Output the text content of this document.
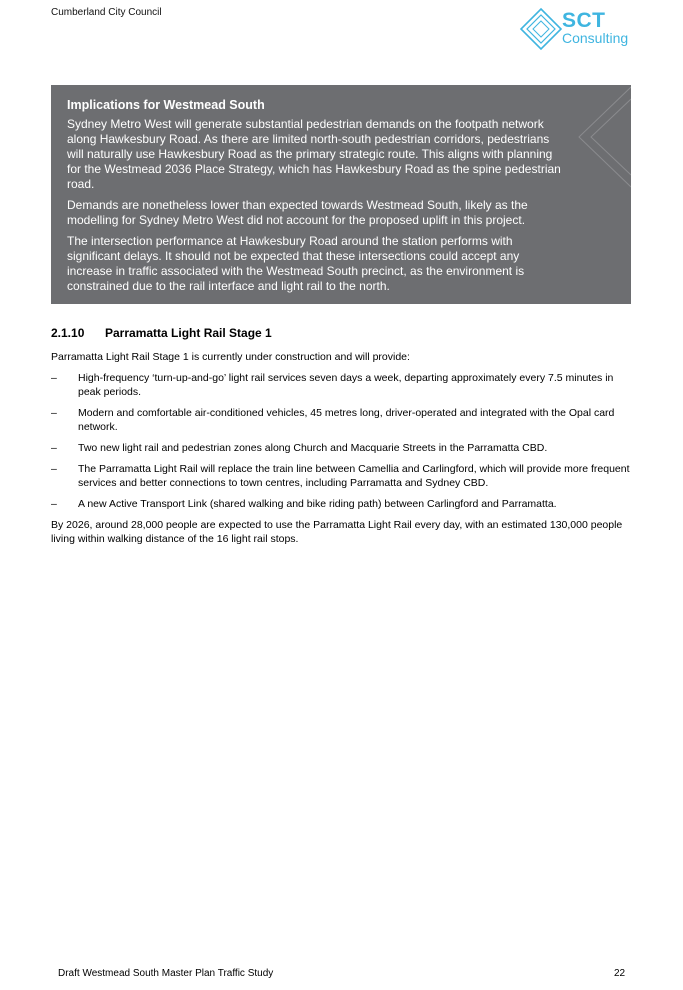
Cumberland City Council	SCT
Consulting
Implications for Westmead South

Sydney Metro West will generate substantial pedestrian demands on the footpath network along Hawkesbury Road. As there are limited north-south pedestrian corridors, pedestrians will naturally use Hawkesbury Road as the primary strategic route. This aligns with planning for the Westmead 2036 Place Strategy, which has Hawkesbury Road as the spine pedestrian road.

Demands are nonetheless lower than expected towards Westmead South, likely as the modelling for Sydney Metro West did not account for the proposed uplift in this project.

The intersection performance at Hawkesbury Road around the station performs with significant delays. It should not be expected that these intersections could accept any increase in traffic associated with the Westmead South precinct, as the environment is constrained due to the rail interface and light rail to the north.

2.1.10 Parramatta Light Rail Stage 1

Parramatta Light Rail Stage 1 is currently under construction and will provide:

– High-frequency ‘turn-up-and-go’ light rail services seven days a week, departing approximately every 7.5 minutes in peak periods.
– Modern and comfortable air-conditioned vehicles, 45 metres long, driver-operated and integrated with the Opal card network.
– Two new light rail and pedestrian zones along Church and Macquarie Streets in the Parramatta CBD.
– The Parramatta Light Rail will replace the train line between Camellia and Carlingford, which will provide more frequent services and better connections to town centres, including Parramatta and Sydney CBD.
– A new Active Transport Link (shared walking and bike riding path) between Carlingford and Parramatta.

By 2026, around 28,000 people are expected to use the Parramatta Light Rail every day, with an estimated 130,000 people living within walking distance of the 16 light rail stops.

Draft Westmead South Master Plan Traffic Study	22
